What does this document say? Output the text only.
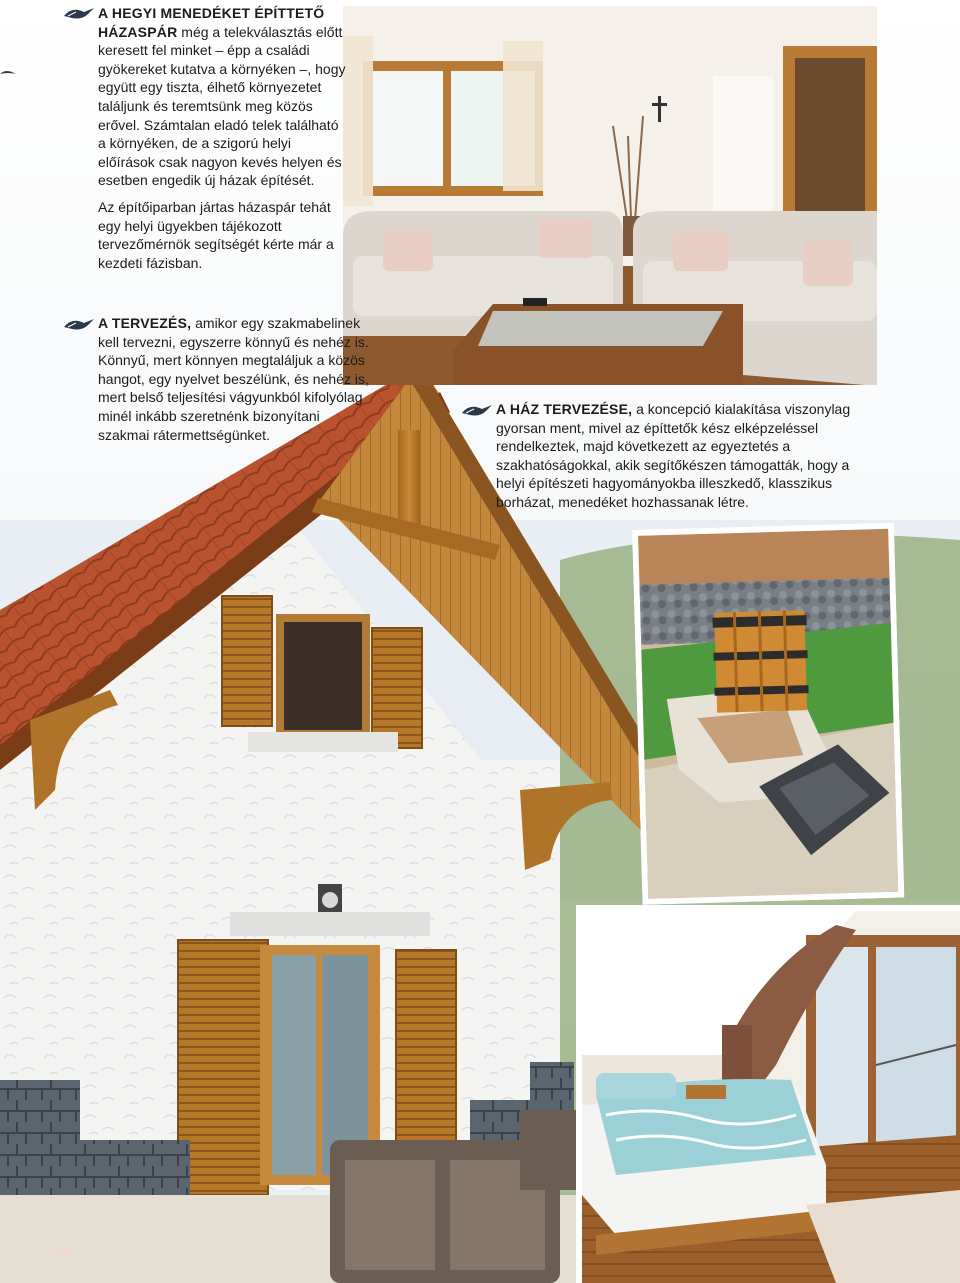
A HEGYI MENEDÉKET ÉPÍTTETŐ HÁZASPÁR még a telekválasztás előtt keresett fel minket – épp a családi gyökereket kutatva a környéken –, hogy együtt egy tiszta, élhető környezetet találjunk és teremtsünk meg közös erővel. Számtalan eladó telek található a környéken, de a szigorú helyi előírások csak nagyon kevés helyen és esetben engedik új házak építését.

Az építőiparban jártas házaspár tehát egy helyi ügyekben tájékozott tervezőmérnök segítségét kérte már a kezdeti fázisban.

A TERVEZÉS, amikor egy szakmabelinek kell tervezni, egyszerre könnyű és nehéz is. Könnyű, mert könnyen megtaláljuk a közös hangot, egy nyelvet beszélünk, és nehéz is, mert belső teljesítési vágyunkból kifolyólag minél inkább szeretnénk bizonyítani szakmai rátermettségünket.

A HÁZ TERVEZÉSE, a koncepció kialakítása viszonylag gyorsan ment, mivel az építtetők kész elképzeléssel rendelkeztek, majd következett az egyeztetés a szakhatóságokkal, akik segítőkészen támogatták, hogy a helyi építészeti hagyományokba illeszkedő, klasszikus borházat, menedéket hozhassanak létre.

25
